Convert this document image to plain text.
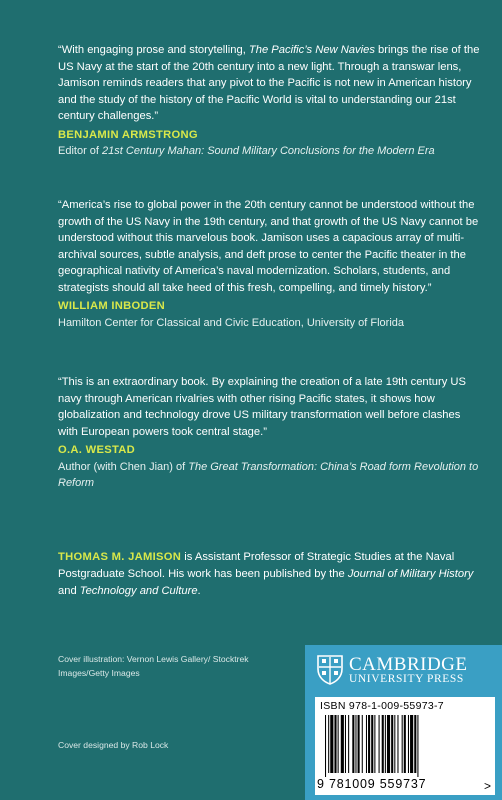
“With engaging prose and storytelling, The Pacific’s New Navies brings the rise of the US Navy at the start of the 20th century into a new light. Through a transwar lens, Jamison reminds readers that any pivot to the Pacific is not new in American history and the study of the history of the Pacific World is vital to understanding our 21st century challenges.”
BENJAMIN ARMSTRONG
Editor of 21st Century Mahan: Sound Military Conclusions for the Modern Era
“America’s rise to global power in the 20th century cannot be understood without the growth of the US Navy in the 19th century, and that growth of the US Navy cannot be understood without this marvelous book. Jamison uses a capacious array of multi-archival sources, subtle analysis, and deft prose to center the Pacific theater in the geographical nativity of America’s naval modernization. Scholars, students, and strategists should all take heed of this fresh, compelling, and timely history.”
WILLIAM INBODEN
Hamilton Center for Classical and Civic Education, University of Florida
“This is an extraordinary book. By explaining the creation of a late 19th century US navy through American rivalries with other rising Pacific states, it shows how globalization and technology drove US military transformation well before clashes with European powers took central stage.”
O.A. WESTAD
Author (with Chen Jian) of The Great Transformation: China’s Road form Revolution to Reform
THOMAS M. JAMISON is Assistant Professor of Strategic Studies at the Naval Postgraduate School. His work has been published by the Journal of Military History and Technology and Culture.
Cover illustration: Vernon Lewis Gallery/ Stocktrek Images/Getty Images
Cover designed by Rob Lock
CAMBRIDGE
UNIVERSITY PRESS
ISBN 978-1-009-55973-7
9 781009 559737	>
